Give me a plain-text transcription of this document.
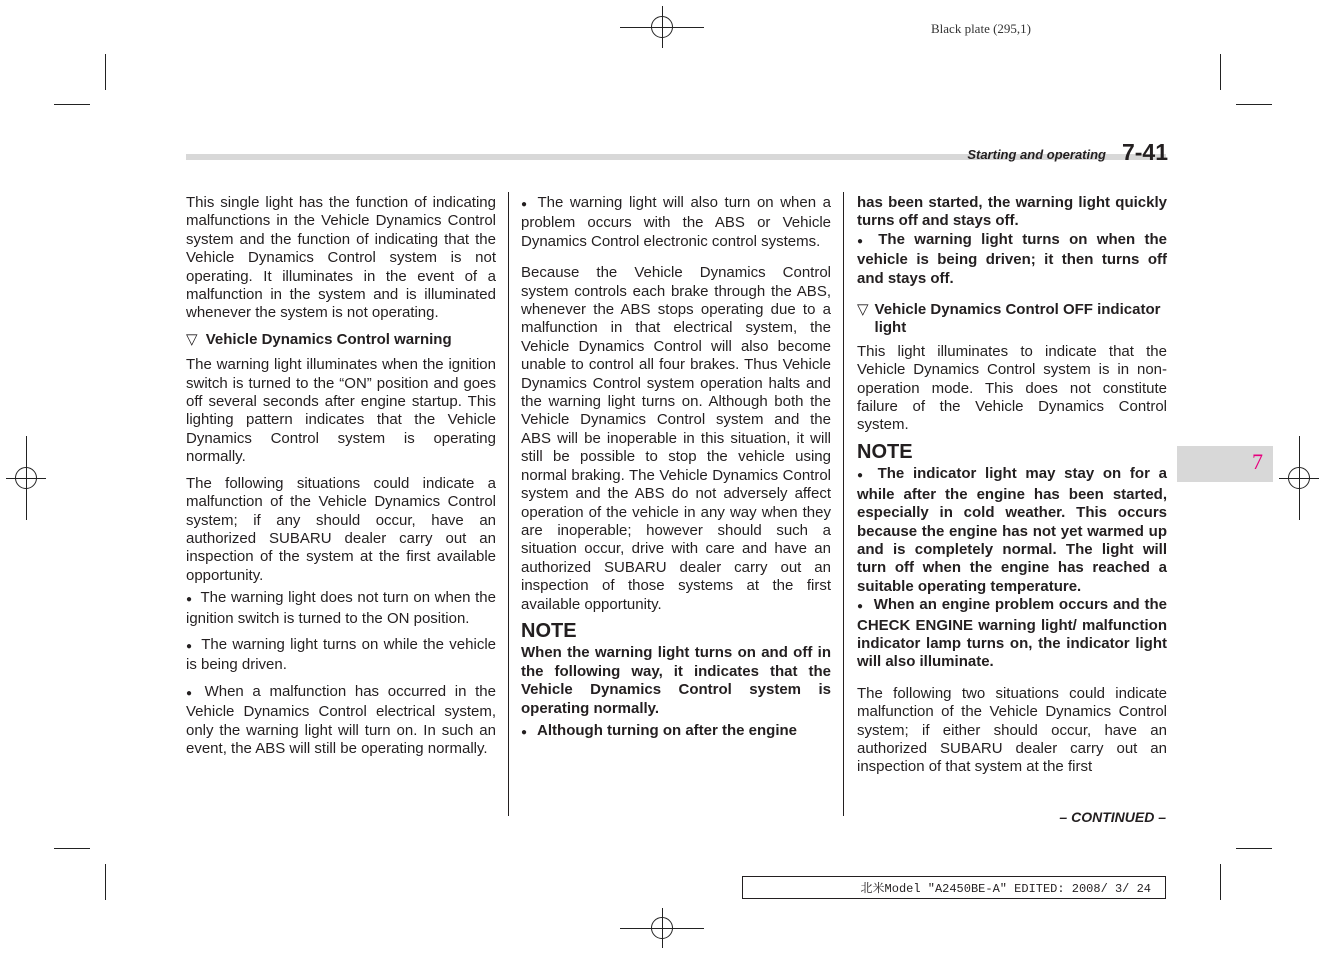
Black plate (295,1)
Starting and operating 7-41

This single light has the function of indicating malfunctions in the Vehicle Dynamics Control system and the function of indicating that the Vehicle Dynamics Control system is not operating. It illuminates in the event of a malfunction in the system and is illuminated whenever the system is not operating.

▽ Vehicle Dynamics Control warning

The warning light illuminates when the ignition switch is turned to the “ON” position and goes off several seconds after engine startup. This lighting pattern indicates that the Vehicle Dynamics Control system is operating normally.

The following situations could indicate a malfunction of the Vehicle Dynamics Control system; if any should occur, have an authorized SUBARU dealer carry out an inspection of the system at the first available opportunity.

● The warning light does not turn on when the ignition switch is turned to the ON position.

● The warning light turns on while the vehicle is being driven.

● When a malfunction has occurred in the Vehicle Dynamics Control electrical system, only the warning light will turn on. In such an event, the ABS will still be operating normally.

● The warning light will also turn on when a problem occurs with the ABS or Vehicle Dynamics Control electronic control systems.

Because the Vehicle Dynamics Control system controls each brake through the ABS, whenever the ABS stops operating due to a malfunction in that electrical system, the Vehicle Dynamics Control will also become unable to control all four brakes. Thus Vehicle Dynamics Control system operation halts and the warning light turns on. Although both the Vehicle Dynamics Control system and the ABS will be inoperable in this situation, it will still be possible to stop the vehicle using normal braking. The Vehicle Dynamics Control system and the ABS do not adversely affect operation of the vehicle in any way when they are inoperable; however should such a situation occur, drive with care and have an authorized SUBARU dealer carry out an inspection of those systems at the first available opportunity.

NOTE

When the warning light turns on and off in the following way, it indicates that the Vehicle Dynamics Control system is operating normally.

● Although turning on after the engine

has been started, the warning light quickly turns off and stays off.

● The warning light turns on when the vehicle is being driven; it then turns off and stays off.

▽ Vehicle Dynamics Control OFF indicator light

This light illuminates to indicate that the Vehicle Dynamics Control system is in non-operation mode. This does not constitute failure of the Vehicle Dynamics Control system.

NOTE

● The indicator light may stay on for a while after the engine has been started, especially in cold weather. This occurs because the engine has not yet warmed up and is completely normal. The light will turn off when the engine has reached a suitable operating temperature.

● When an engine problem occurs and the CHECK ENGINE warning light/ malfunction indicator lamp turns on, the indicator light will also illuminate.

The following two situations could indicate malfunction of the Vehicle Dynamics Control system; if either should occur, have an authorized SUBARU dealer carry out an inspection of that system at the first

7
– CONTINUED –
北米Model "A2450BE-A" EDITED: 2008/ 3/ 24
